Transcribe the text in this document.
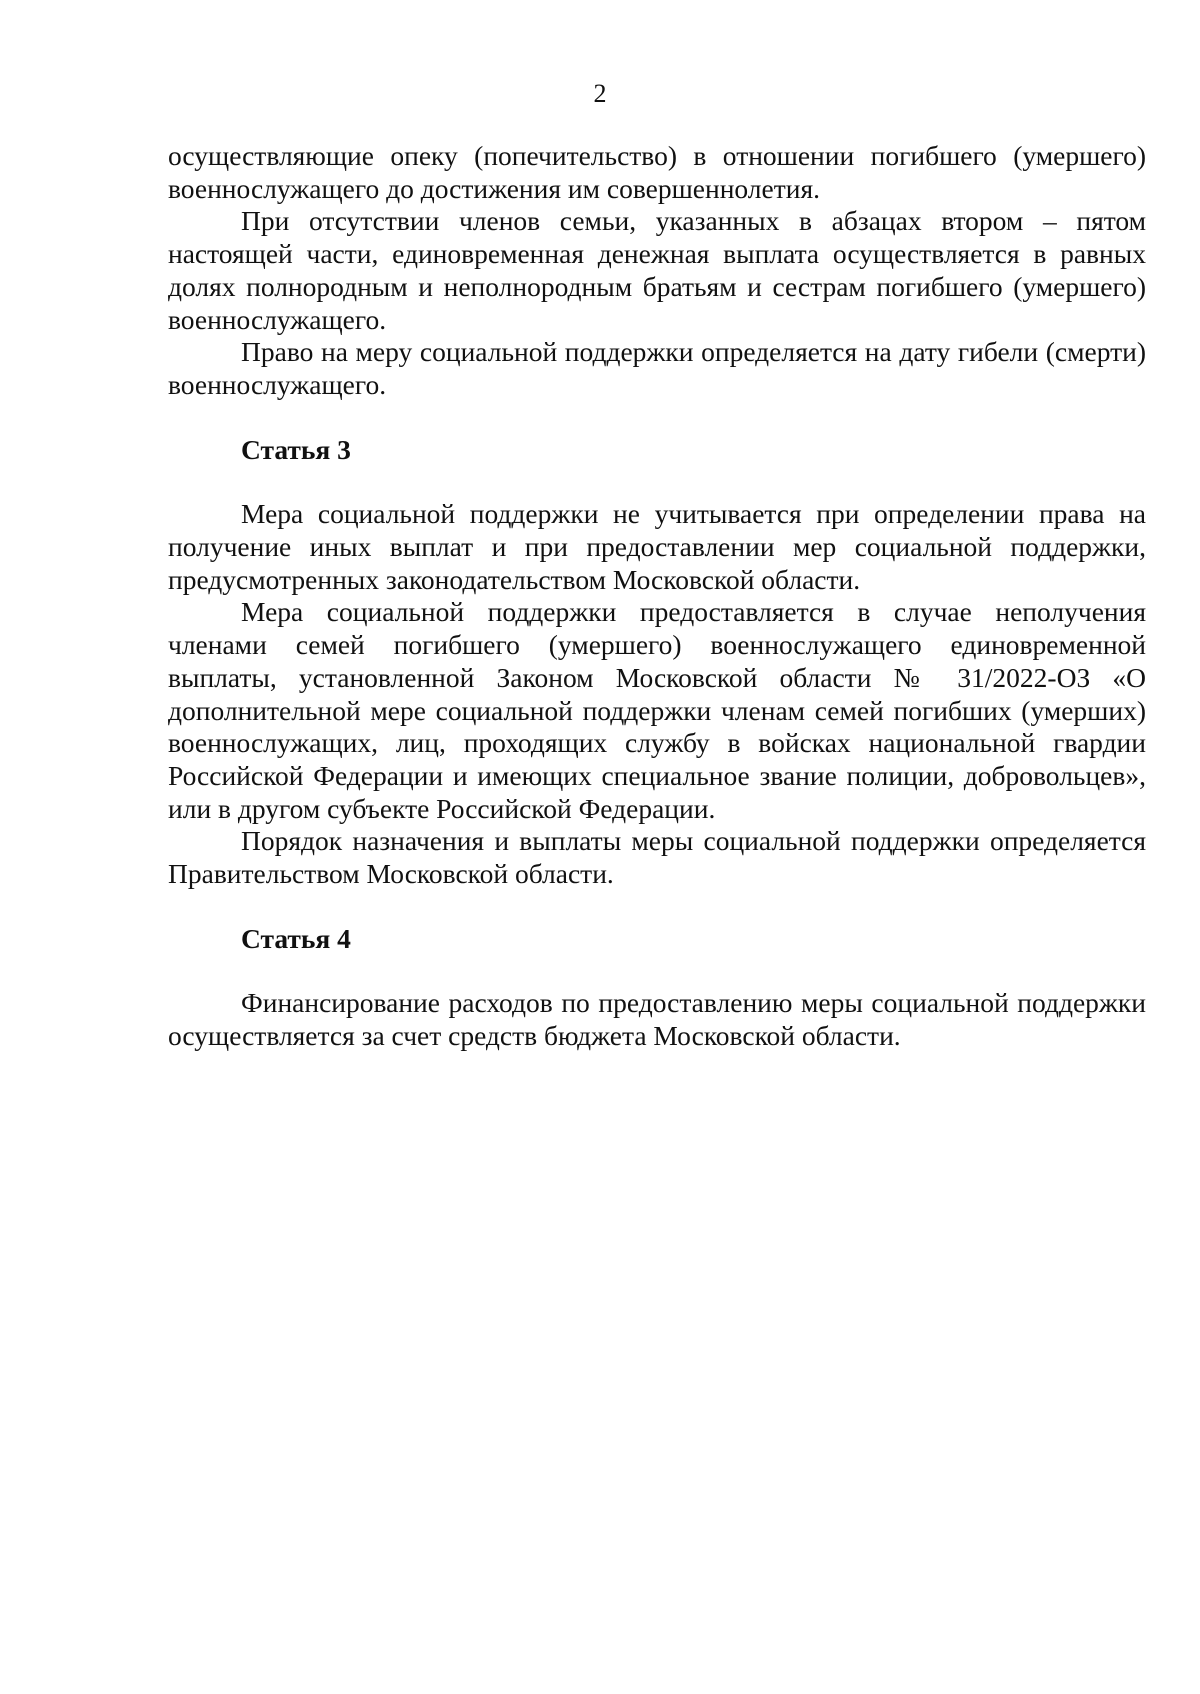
2

осуществляющие опеку (попечительство) в отношении погибшего (умершего) военнослужащего до достижения им совершеннолетия.

При отсутствии членов семьи, указанных в абзацах втором – пятом настоящей части, единовременная денежная выплата осуществляется в равных долях полнородным и неполнородным братьям и сестрам погибшего (умершего) военнослужащего.

Право на меру социальной поддержки определяется на дату гибели (смерти) военнослужащего.

Статья 3

Мера социальной поддержки не учитывается при определении права на получение иных выплат и при предоставлении мер социальной поддержки, предусмотренных законодательством Московской области.

Мера социальной поддержки предоставляется в случае неполучения членами семей погибшего (умершего) военнослужащего единовременной выплаты, установленной Законом Московской области № 31/2022-ОЗ «О дополнительной мере социальной поддержки членам семей погибших (умерших) военнослужащих, лиц, проходящих службу в войсках национальной гвардии Российской Федерации и имеющих специальное звание полиции, добровольцев», или в другом субъекте Российской Федерации.

Порядок назначения и выплаты меры социальной поддержки определяется Правительством Московской области.

Статья 4

Финансирование расходов по предоставлению меры социальной поддержки осуществляется за счет средств бюджета Московской области.
